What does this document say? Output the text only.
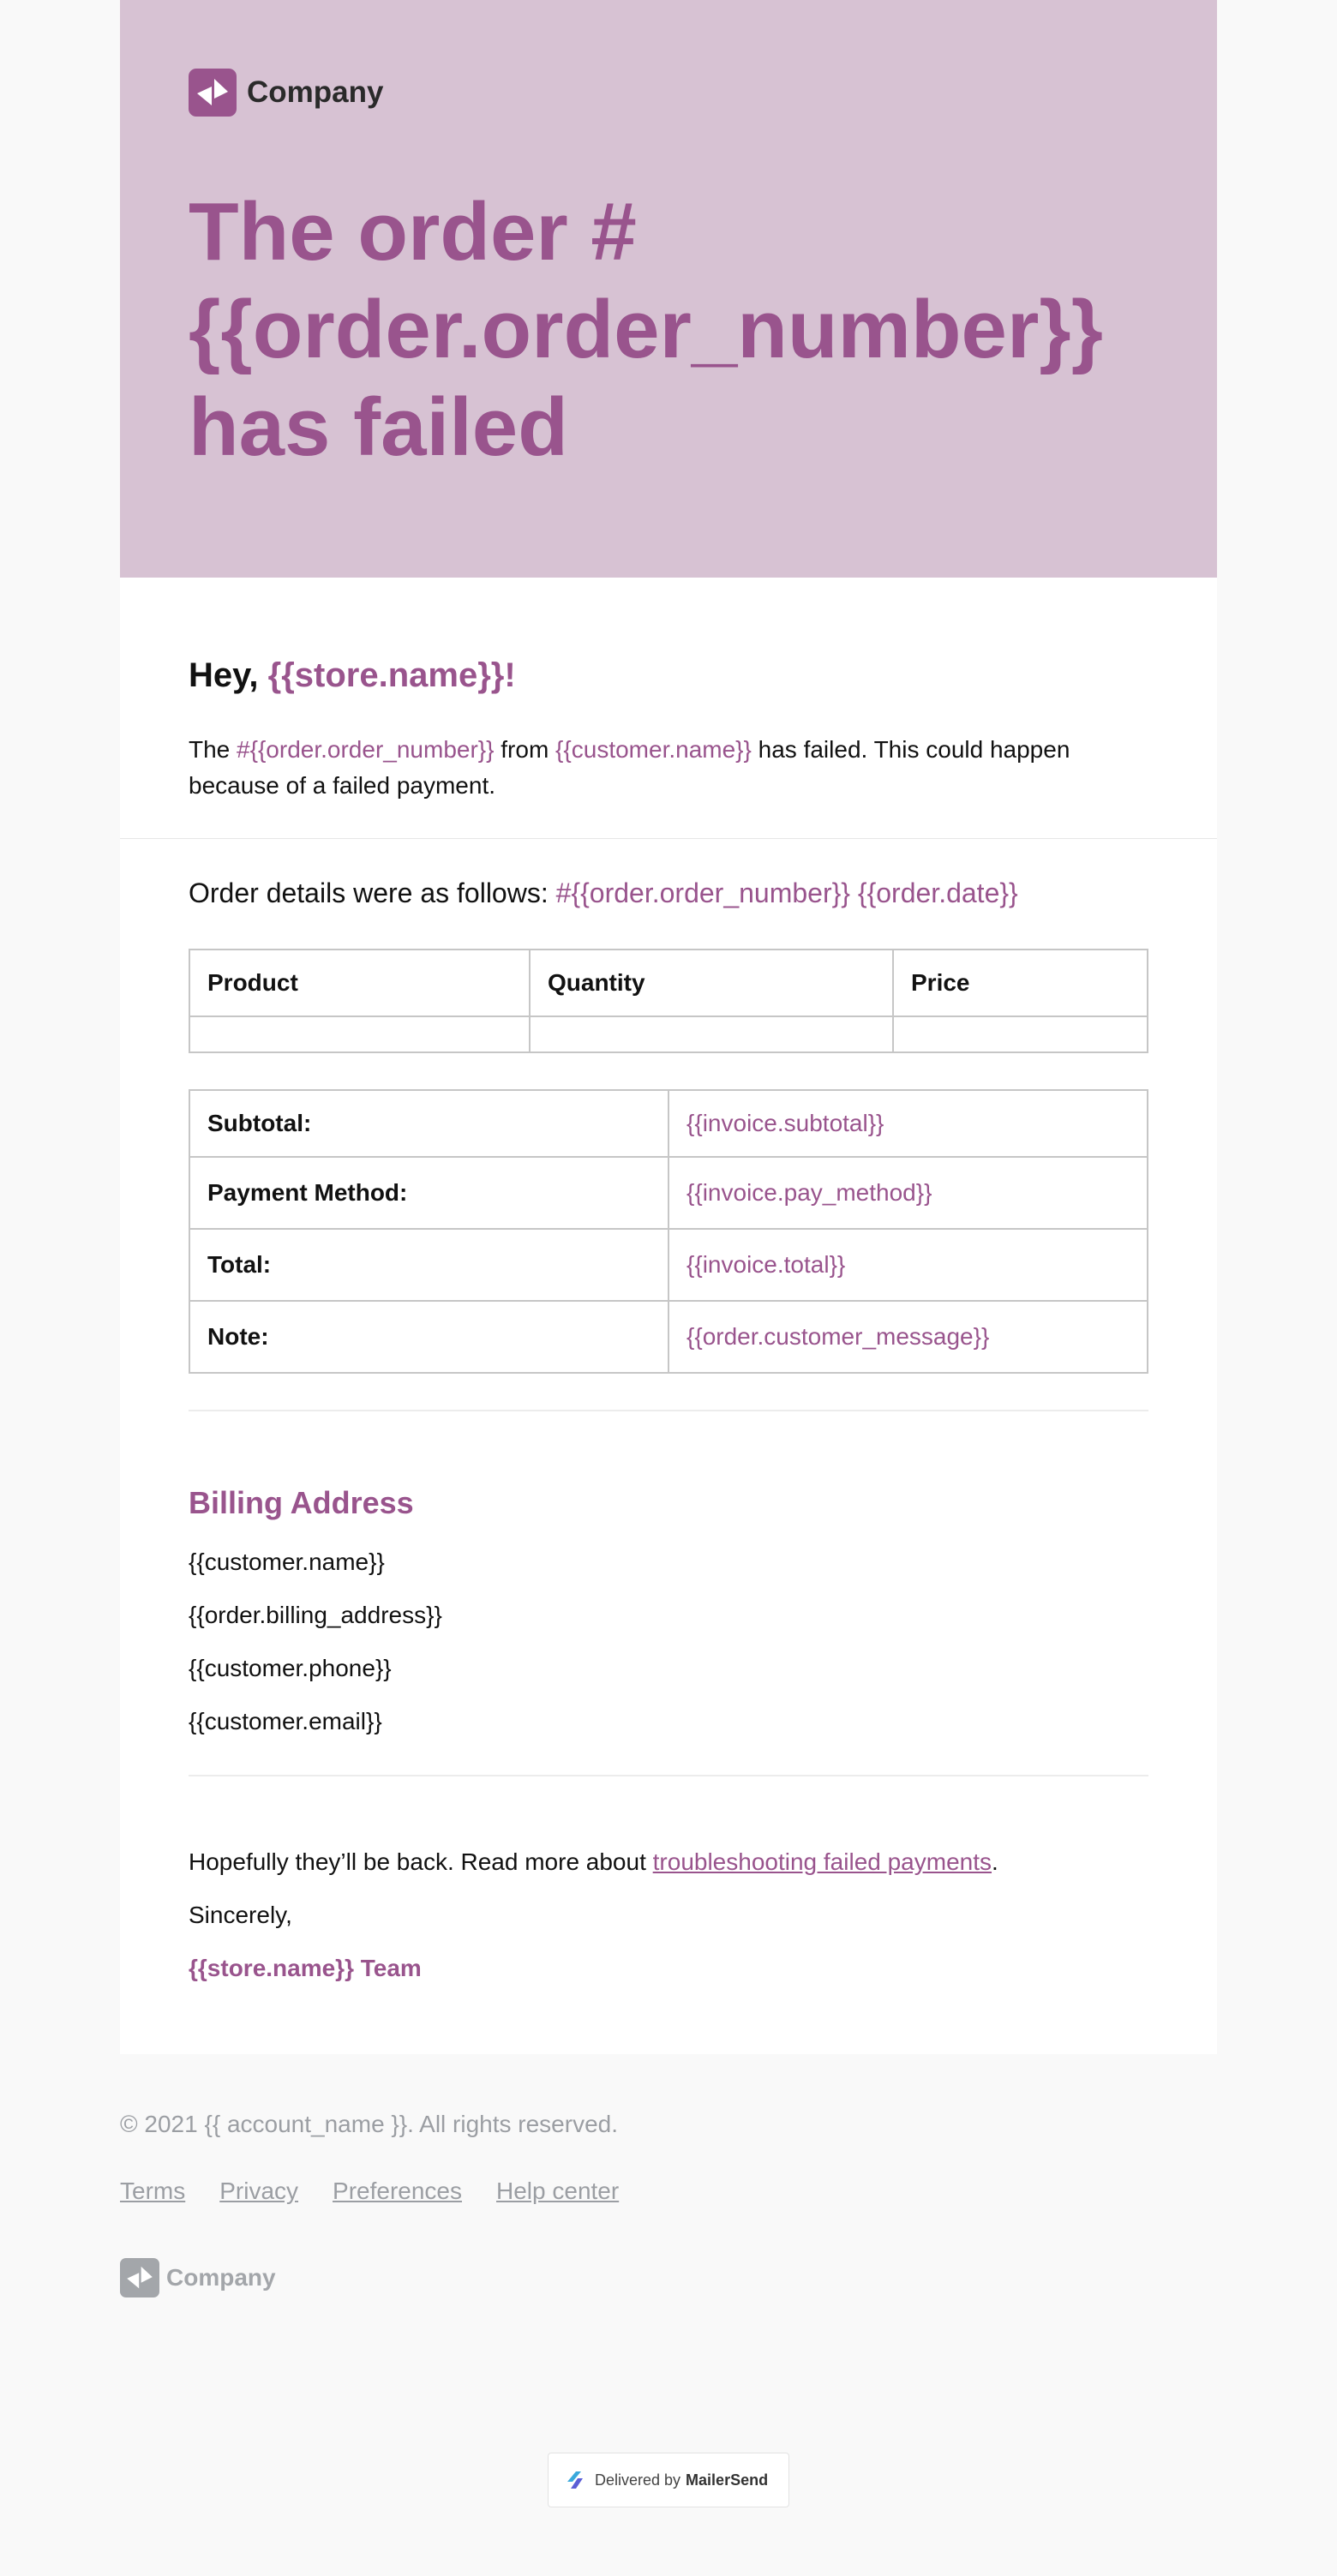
Company
The order # {{order.order_number}} has failed
Hey, {{store.name}}!

The #{{order.order_number}} from {{customer.name}} has failed. This could happen because of a failed payment.

Order details were as follows: #{{order.order_number}} {{order.date}}

Product	Quantity	Price

Subtotal:	{{invoice.subtotal}}
Payment Method:	{{invoice.pay_method}}
Total:	{{invoice.total}}
Note:	{{order.customer_message}}
Billing Address

{{customer.name}}

{{order.billing_address}}

{{customer.phone}}

{{customer.email}}

Hopefully they’ll be back. Read more about troubleshooting failed payments.

Sincerely,

{{store.name}} Team

© 2021 {{ account_name }}. All rights reserved.

Terms Privacy Preferences Help center
Company
Delivered by MailerSend
